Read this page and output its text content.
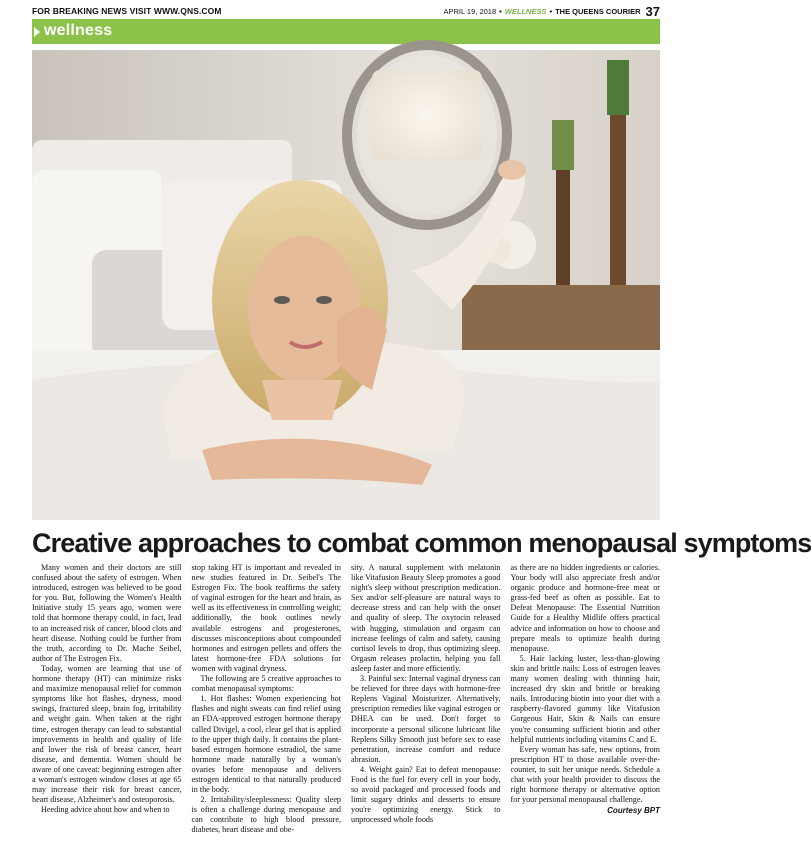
FOR BREAKING NEWS VISIT WWW.QNS.COM	APRIL 19, 2018 • WELLNESS • THE QUEENS COURIER 37
wellness
Creative approaches to combat common menopausal symptoms

Many women and their doctors are still confused about the safety of estrogen. When introduced, estrogen was believed to be good for you. But, following the Women's Health Initiative study 15 years ago, women were told that hormone therapy could, in fact, lead to an increased risk of cancer, blood clots and heart disease. Nothing could be further from the truth, according to Dr. Mache Seibel, author of The Estrogen Fix.

Today, women are learning that use of hormone therapy (HT) can minimize risks and maximize menopausal relief for common symptoms like hot flashes, dryness, mood swings, fractured sleep, brain fog, irritability and weight gain. When taken at the right time, estrogen therapy can lead to substantial improvements in health and quality of life and lower the risk of breast cancer, heart disease, and dementia. Women should be aware of one caveat: beginning estrogen after a woman's estrogen window closes at age 65 may increase their risk for breast cancer, heart disease, Alzheimer's and osteoporosis.

Heeding advice about how and when to

stop taking HT is important and revealed in new studies featured in Dr. Seibel's The Estrogen Fix. The book reaffirms the safety of vaginal estrogen for the heart and brain, as well as its effectiveness in controlling weight; additionally, the book outlines newly available estrogens and progesterones, discusses misconceptions about compounded hormones and estrogen pellets and offers the latest hormone-free FDA solutions for women with vaginal dryness.

The following are 5 creative approaches to combat menopausal symptoms:

1. Hot flashes: Women experiencing hot flashes and night sweats can find relief using an FDA-approved estrogen hormone therapy called Divigel, a cool, clear gel that is applied to the upper thigh daily. It contains the plant-based estrogen hormone estradiol, the same hormone made naturally by a woman's ovaries before menopause and delivers estrogen identical to that naturally produced in the body.

2. Irritability/sleeplessness: Quality sleep is often a challenge during menopause and can contribute to high blood pressure, diabetes, heart disease and obe-

sity. A natural supplement with melatonin like Vitafusion Beauty Sleep promotes a good night's sleep without prescription medication. Sex and/or self-pleasure are natural ways to decrease stress and can help with the onset and quality of sleep. The oxytocin released with hugging, stimulation and orgasm can increase feelings of calm and safety, causing cortisol levels to drop, thus optimizing sleep. Orgasm releases prolactin, helping you fall asleep faster and more efficiently.

3. Painful sex: Internal vaginal dryness can be relieved for three days with hormone-free Replens Vaginal Moisturizer. Alternatively, prescription remedies like vaginal estrogen or DHEA can be used. Don't forget to incorporate a personal silicone lubricant like Replens Silky Smooth just before sex to ease penetration, increase comfort and reduce abrasion.

4. Weight gain? Eat to defeat menopause: Food is the fuel for every cell in your body, so avoid packaged and processed foods and limit sugary drinks and desserts to ensure you're optimizing energy. Stick to unprocessed whole foods

as there are no hidden ingredients or calories. Your body will also appreciate fresh and/or organic produce and hormone-free meat or grass-fed beef as often as possible. Eat to Defeat Menopause: The Essential Nutrition Guide for a Healthy Midlife offers practical advice and information on how to choose and prepare meals to optimize health during menopause.

5. Hair lacking luster, less-than-glowing skin and brittle nails: Loss of estrogen leaves many women dealing with thinning hair, increased dry skin and brittle or breaking nails. Introducing biotin into your diet with a raspberry-flavored gummy like Vitafusion Gorgeous Hair, Skin & Nails can ensure you're consuming sufficient biotin and other helpful nutrients including vitamins C and E.

Every woman has safe, new options, from prescription HT to those available over-the-counter, to suit her unique needs. Schedule a chat with your health provider to discuss the right hormone therapy or alternative option for your personal menopausal challenge.

Courtesy BPT
